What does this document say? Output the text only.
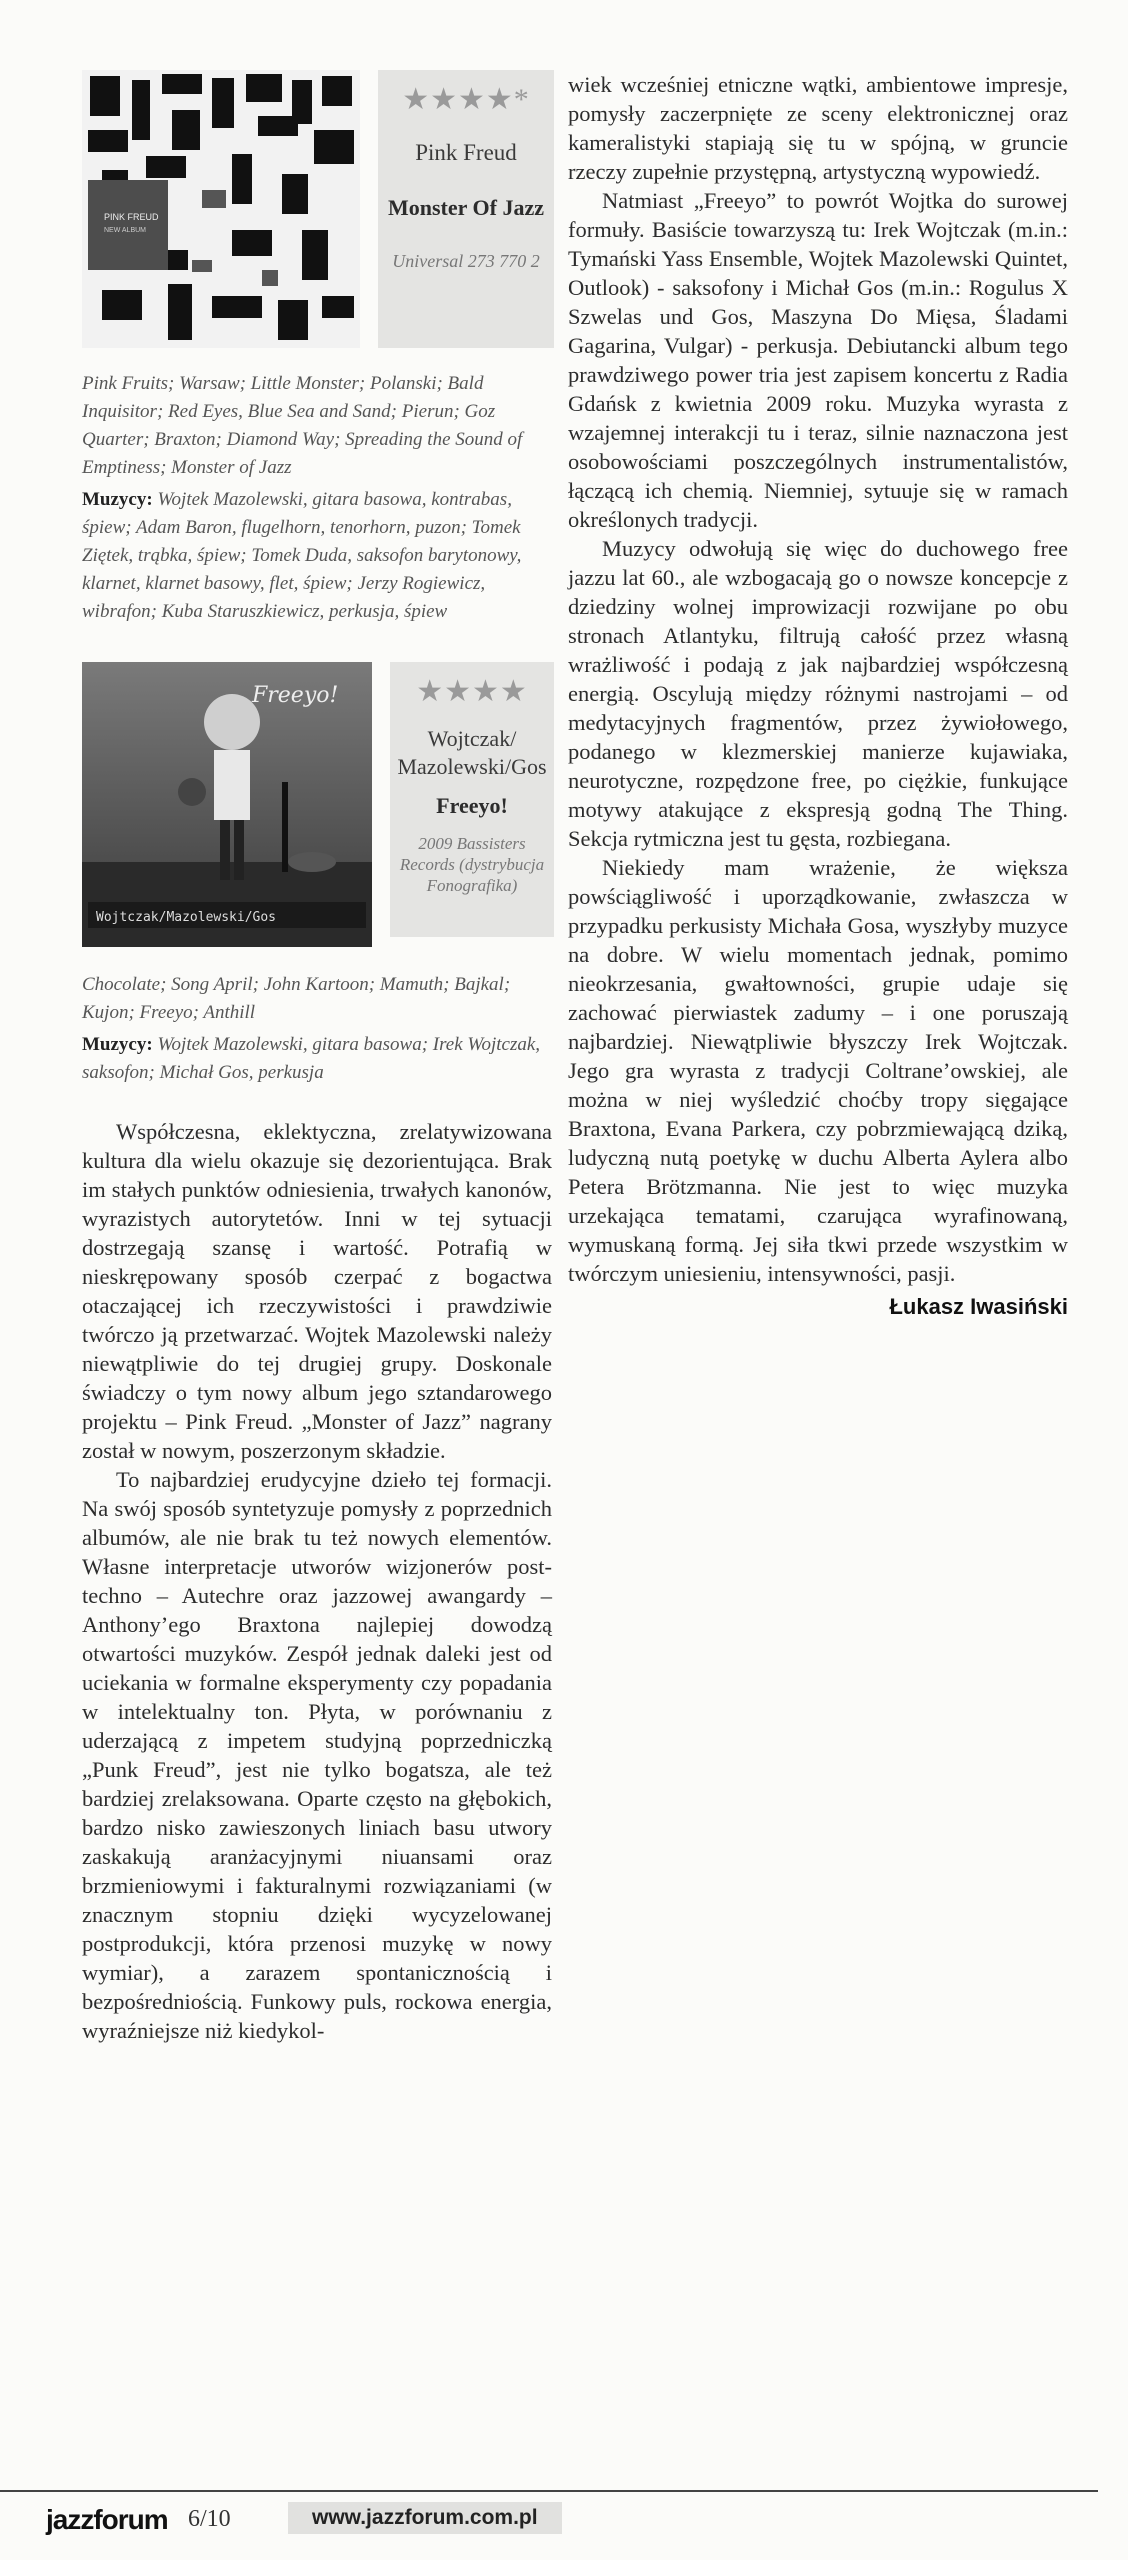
PINK FREUD
NEW ALBUM
★★★★*
Pink Freud
Monster Of Jazz
Universal 273 770 2
Pink Fruits; Warsaw; Little Monster; Polanski; Bald Inquisitor; Red Eyes, Blue Sea and Sand; Pierun; Goz Quarter; Braxton; Diamond Way; Spreading the Sound of Emptiness; Monster of Jazz
Muzycy: Wojtek Mazolewski, gitara basowa, kontrabas, śpiew; Adam Baron, flugelhorn, tenorhorn, puzon; Tomek Ziętek, trąbka, śpiew; Tomek Duda, saksofon barytonowy, klarnet, klarnet basowy, flet, śpiew; Jerzy Rogiewicz, wibrafon; Kuba Staruszkiewicz, perkusja, śpiew
Wojtczak/Mazolewski/Gos
Freeyo!	★★★★
Wojtczak/ Mazolewski/Gos
Freeyo!
2009 Bassisters Records (dystrybucja Fonografika)
Chocolate; Song April; John Kartoon; Mamuth; Bajkal; Kujon; Freeyo; Anthill
Muzycy: Wojtek Mazolewski, gitara basowa; Irek Wojtczak, saksofon; Michał Gos, perkusja

Współczesna, eklektyczna, zrelatywizowana kultura dla wielu okazuje się dezorientująca. Brak im stałych punktów odniesienia, trwałych kanonów, wyrazistych autorytetów. Inni w tej sytuacji dostrzegają szansę i wartość. Potrafią w nieskrępowany sposób czerpać z bogactwa otaczającej ich rzeczywistości i prawdziwie twórczo ją przetwarzać. Wojtek Mazolewski należy niewątpliwie do tej drugiej grupy. Doskonale świadczy o tym nowy album jego sztandarowego projektu – Pink Freud. „Monster of Jazz” nagrany został w nowym, poszerzonym składzie.

To najbardziej erudycyjne dzieło tej formacji. Na swój sposób syntetyzuje pomysły z poprzednich albumów, ale nie brak tu też nowych elementów. Własne interpretacje utworów wizjonerów post-techno – Autechre oraz jazzowej awangardy – Anthony’ego Braxtona najlepiej dowodzą otwartości muzyków. Zespół jednak daleki jest od uciekania w formalne eksperymenty czy popadania w intelektualny ton. Płyta, w porównaniu z uderzającą z impetem studyjną poprzedniczką „Punk Freud”, jest nie tylko bogatsza, ale też bardziej zrelaksowana. Oparte często na głębokich, bardzo nisko zawieszonych liniach basu utwory zaskakują aranżacyjnymi niuansami oraz brzmieniowymi i fakturalnymi rozwiązaniami (w znacznym stopniu dzięki wycyzelowanej postprodukcji, która przenosi muzykę w nowy wymiar), a zarazem spontanicznością i bezpośredniością. Funkowy puls, rockowa energia, wyraźniejsze niż kiedykol-

wiek wcześniej etniczne wątki, ambientowe impresje, pomysły zaczerpnięte ze sceny elektronicznej oraz kameralistyki stapiają się tu w spójną, w gruncie rzeczy zupełnie przystępną, artystyczną wypowiedź.

Natmiast „Freeyo” to powrót Wojtka do surowej formuły. Basiście towarzyszą tu: Irek Wojtczak (m.in.: Tymański Yass Ensemble, Wojtek Mazolewski Quintet, Outlook) - saksofony i Michał Gos (m.in.: Rogulus X Szwelas und Gos, Maszyna Do Mięsa, Śladami Gagarina, Vulgar) - perkusja. Debiutancki album tego prawdziwego power tria jest zapisem koncertu z Radia Gdańsk z kwietnia 2009 roku. Muzyka wyrasta z wzajemnej interakcji tu i teraz, silnie naznaczona jest osobowościami poszczególnych instrumentalistów, łączącą ich chemią. Niemniej, sytuuje się w ramach określonych tradycji.

Muzycy odwołują się więc do duchowego free jazzu lat 60., ale wzbogacają go o nowsze koncepcje z dziedziny wolnej improwizacji rozwijane po obu stronach Atlantyku, filtrują całość przez własną wrażliwość i podają z jak najbardziej współczesną energią. Oscylują między różnymi nastrojami – od medytacyjnych fragmentów, przez żywiołowego, podanego w klezmerskiej manierze kujawiaka, neurotyczne, rozpędzone free, po ciężkie, funkujące motywy atakujące z ekspresją godną The Thing. Sekcja rytmiczna jest tu gęsta, rozbiegana.

Niekiedy mam wrażenie, że większa powściągliwość i uporządkowanie, zwłaszcza w przypadku perkusisty Michała Gosa, wyszłyby muzyce na dobre. W wielu momentach jednak, pomimo nieokrzesania, gwałtowności, grupie udaje się zachować pierwiastek zadumy – i one poruszają najbardziej. Niewątpliwie błyszczy Irek Wojtczak. Jego gra wyrasta z tradycji Coltrane’owskiej, ale można w niej wyśledzić choćby tropy sięgające Braxtona, Evana Parkera, czy pobrzmiewającą dziką, ludyczną nutą poetykę w duchu Alberta Aylera albo Petera Brötzmanna. Nie jest to więc muzyka urzekająca tematami, czarująca wyrafinowaną, wymuskaną formą. Jej siła tkwi przede wszystkim w twórczym uniesieniu, intensywności, pasji.

Łukasz Iwasiński
jazzforum 6/10	www.jazzforum.com.pl
